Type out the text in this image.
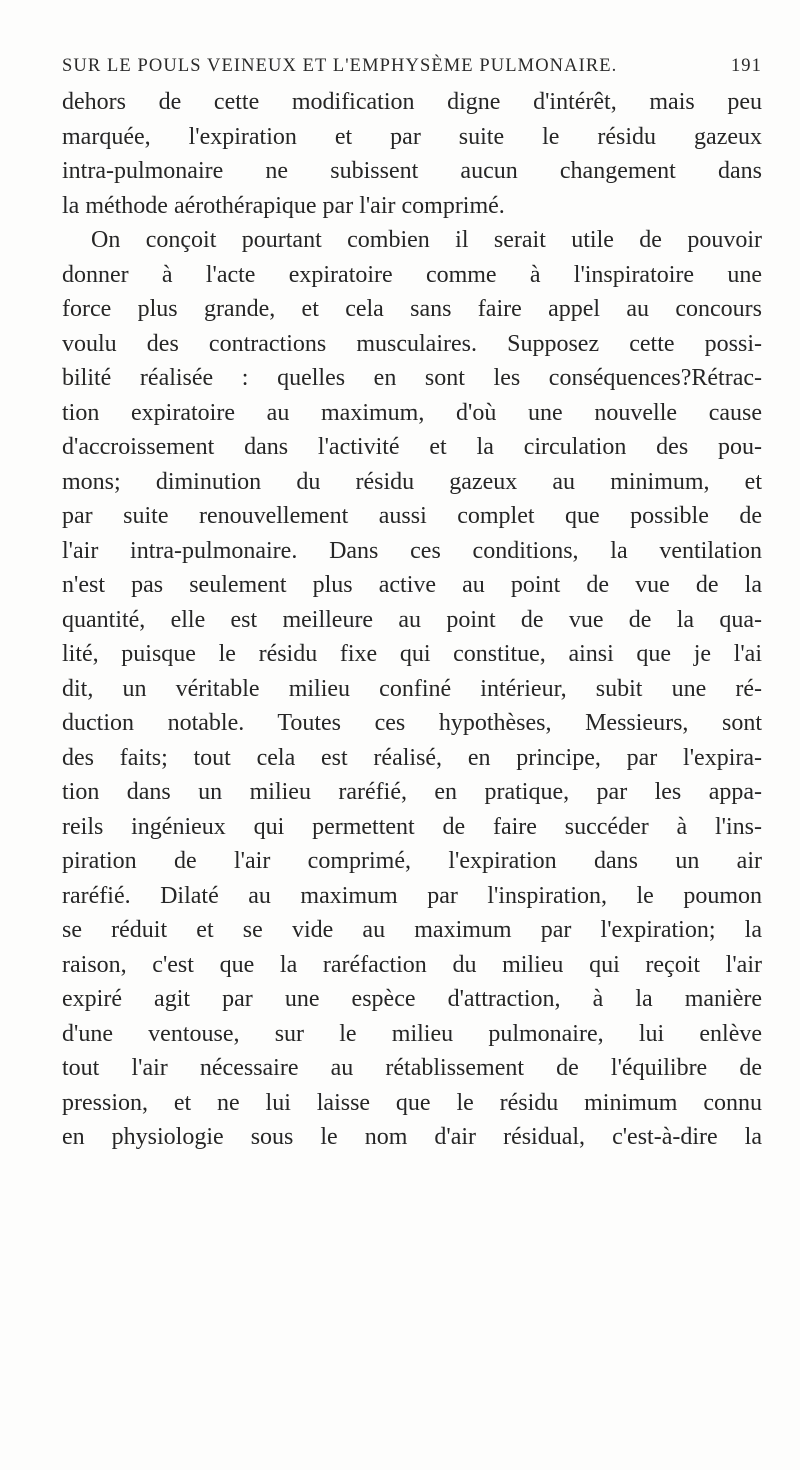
SUR LE POULS VEINEUX ET L'EMPHYSÈME PULMONAIRE.	191
dehors de cette modification digne d'intérêt, mais peu
marquée, l'expiration et par suite le résidu gazeux
intra-pulmonaire ne subissent aucun changement dans
la méthode aérothérapique par l'air comprimé.
On conçoit pourtant combien il serait utile de pouvoir
donner à l'acte expiratoire comme à l'inspiratoire une
force plus grande, et cela sans faire appel au concours
voulu des contractions musculaires. Supposez cette possi-
bilité réalisée : quelles en sont les conséquences?Rétrac-
tion expiratoire au maximum, d'où une nouvelle cause
d'accroissement dans l'activité et la circulation des pou-
mons; diminution du résidu gazeux au minimum, et
par suite renouvellement aussi complet que possible de
l'air intra-pulmonaire. Dans ces conditions, la ventilation
n'est pas seulement plus active au point de vue de la
quantité, elle est meilleure au point de vue de la qua-
lité, puisque le résidu fixe qui constitue, ainsi que je l'ai
dit, un véritable milieu confiné intérieur, subit une ré-
duction notable. Toutes ces hypothèses, Messieurs, sont
des faits; tout cela est réalisé, en principe, par l'expira-
tion dans un milieu raréfié, en pratique, par les appa-
reils ingénieux qui permettent de faire succéder à l'ins-
piration de l'air comprimé, l'expiration dans un air
raréfié. Dilaté au maximum par l'inspiration, le poumon
se réduit et se vide au maximum par l'expiration; la
raison, c'est que la raréfaction du milieu qui reçoit l'air
expiré agit par une espèce d'attraction, à la manière
d'une ventouse, sur le milieu pulmonaire, lui enlève
tout l'air nécessaire au rétablissement de l'équilibre de
pression, et ne lui laisse que le résidu minimum connu
en physiologie sous le nom d'air résidual, c'est-à-dire la
